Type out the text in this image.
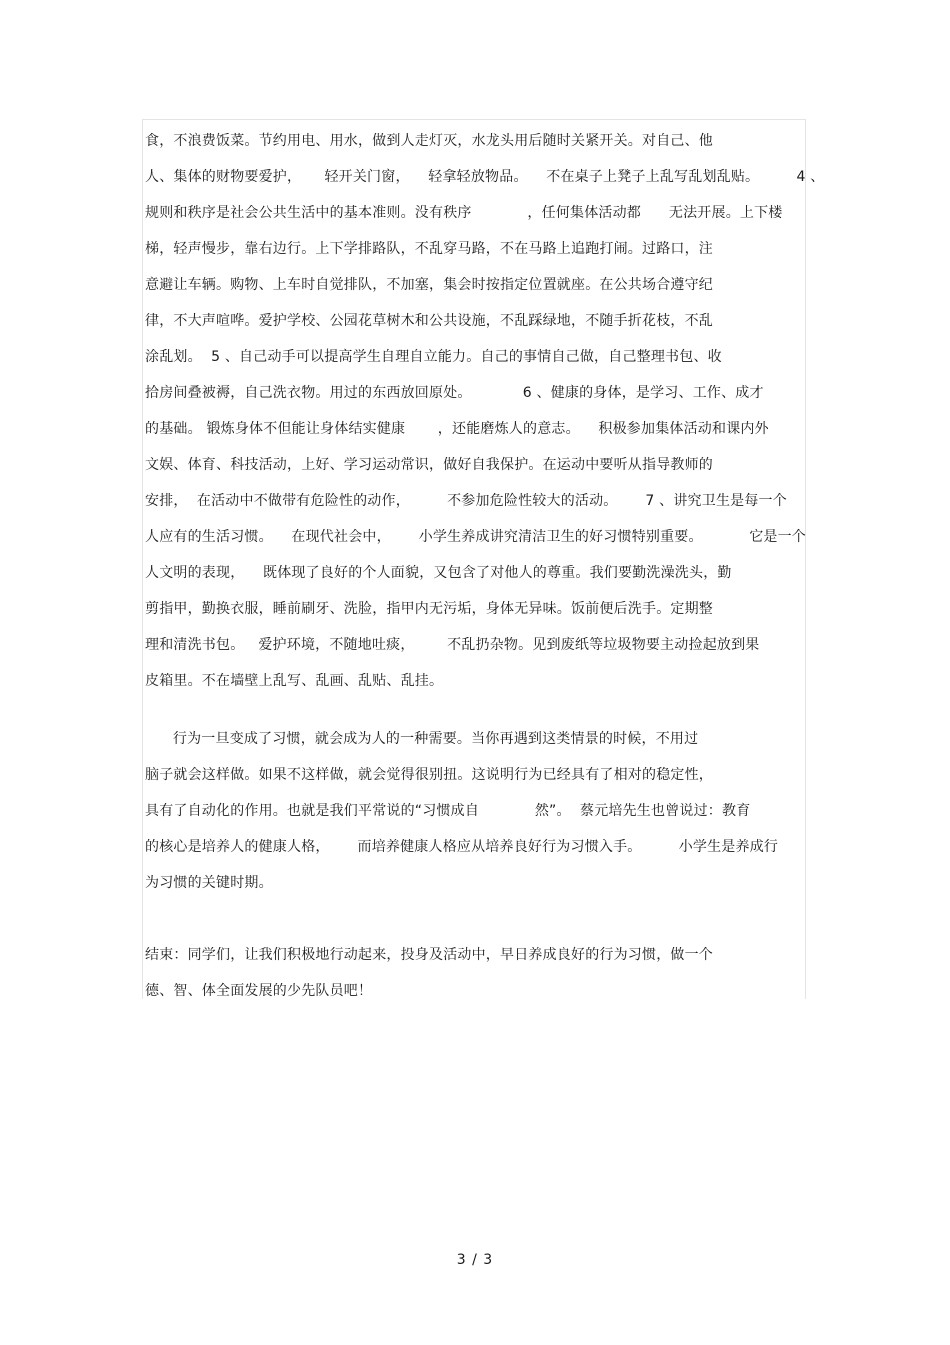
食，不浪费饭菜。节约用电、用水，做到人走灯灭，水龙头用后随时关紧开关。对自己、他
人、集体的财物要爱护，     轻开关门窗，    轻拿轻放物品。    不在桌子上凳子上乱写乱划乱贴。        4 、
规则和秩序是社会公共生活中的基本准则。没有秩序            ，任何集体活动都      无法开展。上下楼
梯，轻声慢步，靠右边行。上下学排路队，不乱穿马路，不在马路上追跑打闹。过路口，注
意避让车辆。购物、上车时自觉排队，不加塞，集会时按指定位置就座。在公共场合遵守纪
律，不大声喧哗。爱护学校、公园花草树木和公共设施，不乱踩绿地，不随手折花枝，不乱
涂乱划。  5 、自己动手可以提高学生自理自立能力。自己的事情自己做，自己整理书包、收
拾房间叠被褥，自己洗衣物。用过的东西放回原处。           6 、健康的身体，是学习、工作、成才
的基础。 锻炼身体不但能让身体结实健康       ，还能磨炼人的意志。    积极参加集体活动和课内外
文娱、体育、科技活动，上好、学习运动常识，做好自我保护。在运动中要听从指导教师的
安排，  在活动中不做带有危险性的动作，        不参加危险性较大的活动。      7 、讲究卫生是每一个
人应有的生活习惯。    在现代社会中，      小学生养成讲究清洁卫生的好习惯特别重要。          它是一个
人文明的表现，    既体现了良好的个人面貌，又包含了对他人的尊重。我们要勤洗澡洗头，勤
剪指甲，勤换衣服，睡前刷牙、洗脸，指甲内无污垢，身体无异味。饭前便后洗手。定期整
理和清洗书包。   爱护环境，不随地吐痰，       不乱扔杂物。见到废纸等垃圾物要主动捡起放到果
皮箱里。不在墙壁上乱写、乱画、乱贴、乱挂。
行为一旦变成了习惯，就会成为人的一种需要。当你再遇到这类情景的时候，不用过
脑子就会这样做。如果不这样做，就会觉得很别扭。这说明行为已经具有了相对的稳定性，
具有了自动化的作用。也就是我们平常说的“习惯成自            然”。  蔡元培先生也曾说过：教育
的核心是培养人的健康人格，      而培养健康人格应从培养良好行为习惯入手。        小学生是养成行
为习惯的关键时期。
结束：同学们，让我们积极地行动起来，投身及活动中，早日养成良好的行为习惯，做一个
德、智、体全面发展的少先队员吧！
3 / 3
